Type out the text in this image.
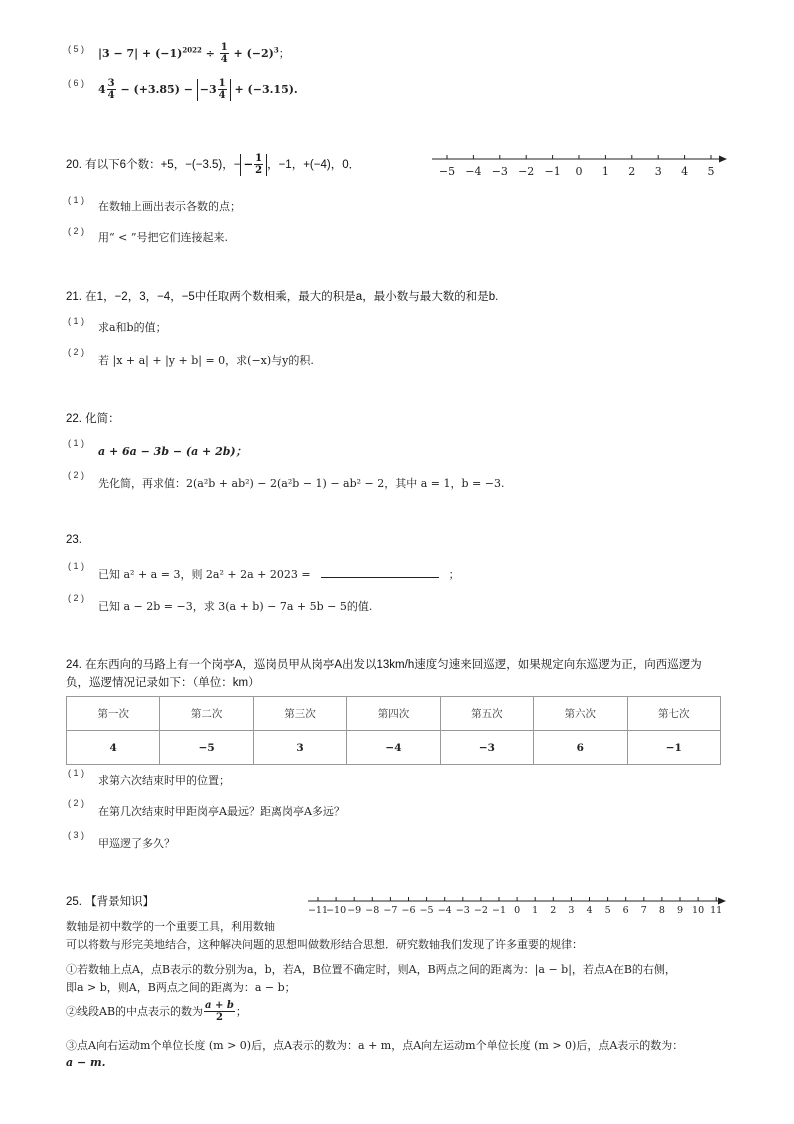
( 5 ) $|3 - 7| + (-1)^{2022} \div \frac{1}{4} + (-2)^3$；
( 6 ) $4 \frac{3}{4} - (+3.85) - -3 \frac{1}{4} + (-3.15)$.
20. 有以下6个数：+5，−(−3.5)，− − $\frac{1}{2}$ ，−1，+(−4)，0．	−5 −4 −3 −2 −1 0 1 2 3 4 5
( 1 ) 在数轴上画出表示各数的点；
( 2 ) 用“ < ”号把它们连接起来.
21. 在1，−2，3，−4，−5中任取两个数相乘，最大的积是a，最小数与最大数的和是b.
( 1 ) 求a和b的值；
( 2 )
若 |x + a| + |y + b| = 0，求(−x)与y的积.
22. 化简：
( 1 )
a + 6a − 3b − (a + 2b)；
( 2 )
先化简，再求值：2(a²b + ab²) − 2(a²b − 1) − ab² − 2，其中 a = 1，b = −3.
23.
( 1 )
已知 a² + a = 3，则 2a² + 2a + 2023 =	；
( 2 )
已知 a − 2b = −3，求 3(a + b) − 7a + 5b − 5的值.
24. 在东西向的马路上有一个岗亭A，巡岗员甲从岗亭A出发以13km/h速度匀速来回巡逻，如果规定向东巡逻为正，向西巡逻为
负，巡逻情况记录如下：（单位：km）
第一次	第二次	第三次	第四次	第五次	第六次	第七次
4	−5	3	−4	−3	6	−1
( 1 )
求第六次结束时甲的位置；
( 2 )
在第几次结束时甲距岗亭A最远？距离岗亭A多远？
( 3 )
甲巡逻了多久？
25. 【背景知识】
−11
−10 −9 −8 −7 −6 −5 −4 −3 −2 −1 0 1 2 3 4 5 6 7 8 9 10 11
数轴是初中数学的一个重要工具，利用数轴
可以将数与形完美地结合，这种解决问题的思想叫做数形结合思想．研究数轴我们发现了许多重要的规律：
①若数轴上点A，点B表示的数分别为a，b，若A，B位置不确定时，则A，B两点之间的距离为：|a − b|，若点A在B的右侧，
即a > b，则A，B两点之间的距离为：a − b；
②线段AB的中点表示的数为 $\frac{a + b}{2}$ ；
③点A向右运动m个单位长度 (m > 0)后，点A表示的数为：a + m，点A向左运动m个单位长度 (m > 0)后，点A表示的数为：
a − m.
